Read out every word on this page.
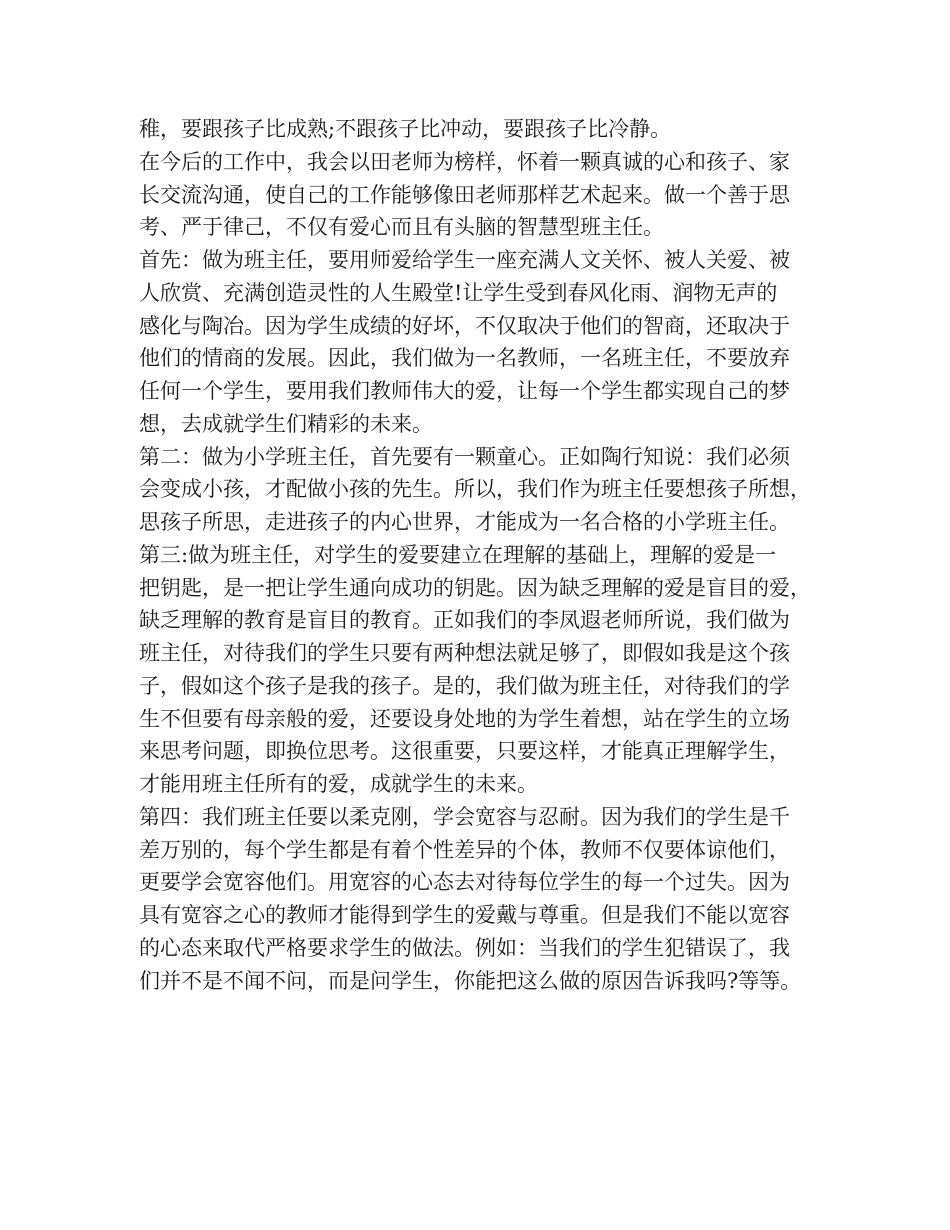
稚，要跟孩子比成熟;不跟孩子比冲动，要跟孩子比冷静。
在今后的工作中，我会以田老师为榜样，怀着一颗真诚的心和孩子、家
长交流沟通，使自己的工作能够像田老师那样艺术起来。做一个善于思
考、严于律己，不仅有爱心而且有头脑的智慧型班主任。
首先：做为班主任，要用师爱给学生一座充满人文关怀、被人关爱、被
人欣赏、充满创造灵性的人生殿堂!让学生受到春风化雨、润物无声的
感化与陶冶。因为学生成绩的好坏，不仅取决于他们的智商，还取决于
他们的情商的发展。因此，我们做为一名教师，一名班主任，不要放弃
任何一个学生，要用我们教师伟大的爱，让每一个学生都实现自己的梦
想，去成就学生们精彩的未来。
第二：做为小学班主任，首先要有一颗童心。正如陶行知说：我们必须
会变成小孩，才配做小孩的先生。所以，我们作为班主任要想孩子所想，
思孩子所思，走进孩子的内心世界，才能成为一名合格的小学班主任。
第三:做为班主任，对学生的爱要建立在理解的基础上，理解的爱是一
把钥匙，是一把让学生通向成功的钥匙。因为缺乏理解的爱是盲目的爱，
缺乏理解的教育是盲目的教育。正如我们的李凤遐老师所说，我们做为
班主任，对待我们的学生只要有两种想法就足够了，即假如我是这个孩
子，假如这个孩子是我的孩子。是的，我们做为班主任，对待我们的学
生不但要有母亲般的爱，还要设身处地的为学生着想，站在学生的立场
来思考问题，即换位思考。这很重要，只要这样，才能真正理解学生，
才能用班主任所有的爱，成就学生的未来。
第四：我们班主任要以柔克刚，学会宽容与忍耐。因为我们的学生是千
差万别的，每个学生都是有着个性差异的个体，教师不仅要体谅他们，
更要学会宽容他们。用宽容的心态去对待每位学生的每一个过失。因为
具有宽容之心的教师才能得到学生的爱戴与尊重。但是我们不能以宽容
的心态来取代严格要求学生的做法。例如：当我们的学生犯错误了，我
们并不是不闻不问，而是问学生，你能把这么做的原因告诉我吗?等等。
